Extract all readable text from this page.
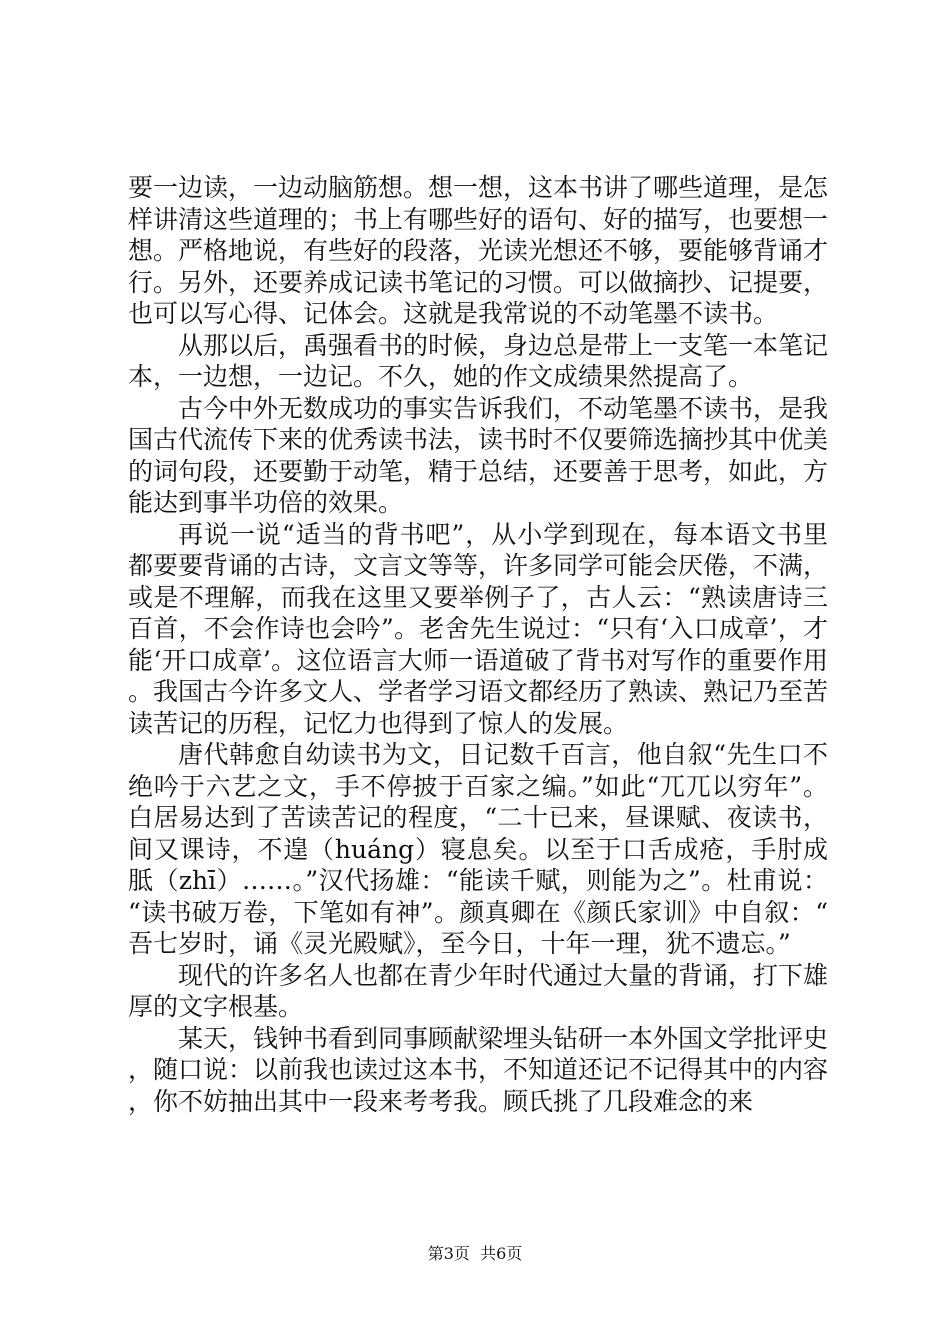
要一边读，一边动脑筋想。想一想，这本书讲了哪些道理，是怎样讲清这些道理的；书上有哪些好的语句、好的描写，也要想一想。严格地说，有些好的段落，光读光想还不够，要能够背诵才行。另外，还要养成记读书笔记的习惯。可以做摘抄、记提要，也可以写心得、记体会。这就是我常说的不动笔墨不读书。

从那以后，禹强看书的时候，身边总是带上一支笔一本笔记本，一边想，一边记。不久，她的作文成绩果然提高了。

古今中外无数成功的事实告诉我们，不动笔墨不读书，是我国古代流传下来的优秀读书法，读书时不仅要筛选摘抄其中优美的词句段，还要勤于动笔，精于总结，还要善于思考，如此，方能达到事半功倍的效果。

再说一说“适当的背书吧”，从小学到现在，每本语文书里都要要背诵的古诗，文言文等等，许多同学可能会厌倦，不满，或是不理解，而我在这里又要举例子了，古人云：“熟读唐诗三百首，不会作诗也会吟”。老舍先生说过：“只有‘入口成章’，才能‘开口成章’。这位语言大师一语道破了背书对写作的重要作用。我国古今许多文人、学者学习语文都经历了熟读、熟记乃至苦读苦记的历程，记忆力也得到了惊人的发展。

唐代韩愈自幼读书为文，日记数千百言，他自叙“先生口不绝吟于六艺之文，手不停披于百家之编。”如此“兀兀以穷年”。白居易达到了苦读苦记的程度，“二十已来，昼课赋、夜读书，间又课诗，不遑（huáng）寝息矣。以至于口舌成疮，手肘成胝（zhī）……。”汉代扬雄：“能读千赋，则能为之”。杜甫说：“读书破万卷，下笔如有神”。颜真卿在《颜氏家训》中自叙：“吾七岁时，诵《灵光殿赋》，至今日，十年一理，犹不遗忘。”

现代的许多名人也都在青少年时代通过大量的背诵，打下雄厚的文字根基。

某天，钱钟书看到同事顾献梁埋头钻研一本外国文学批评史，随口说：以前我也读过这本书，不知道还记不记得其中的内容，你不妨抽出其中一段来考考我。顾氏挑了几段难念的来

第3页  共6页
